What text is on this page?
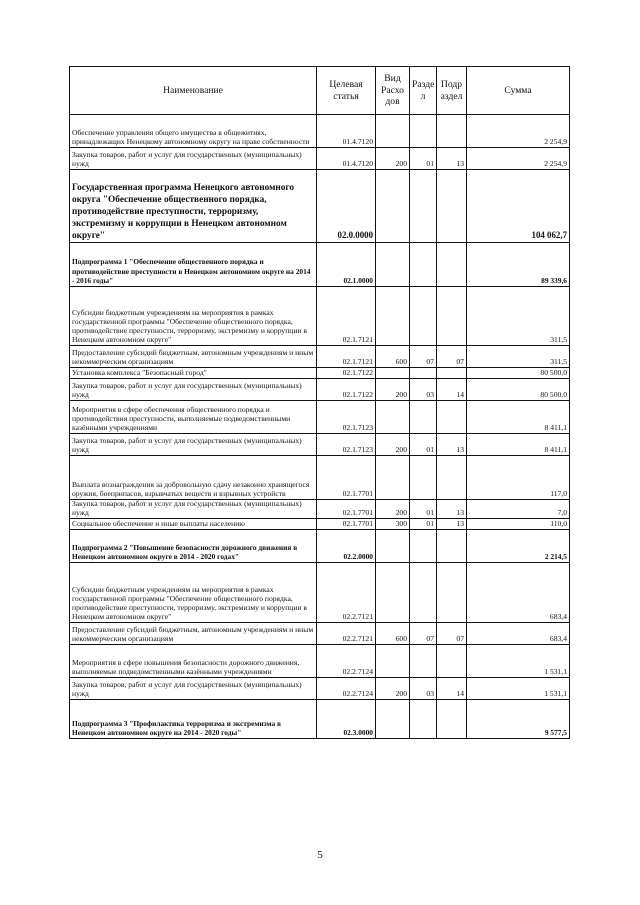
Наименование	Целевая статья	Вид Расхо дов	Разде л	Подр аздел	Сумма
Обеспечение управления общего имущества в общежитиях, принадлежащих Ненецкому автономному округу на праве собственности	01.4.7120				2 254,9
Закупка товаров, работ и услуг для государственных (муниципальных) нужд	01.4.7120	200	01	13	2 254,9
Государственная программа Ненецкого автономного округа "Обеспечение общественного порядка, противодействие преступности, терроризму, экстремизму и коррупции в Ненецком автономном округе"	02.0.0000				104 062,7
Подпрограмма 1 "Обеспечение общественного порядка и противодействие преступности в Ненецком автономном округе на 2014 - 2016 годы"	02.1.0000				89 339,6
Субсидии бюджетным учреждениям на мероприятия в рамках государственной программы "Обеспечение общественного порядка, противодействие преступности, терроризму, экстремизму и коррупции в Ненецком автономном округе"	02.1.7121				311,5
Предоставление субсидий бюджетным, автономным учреждениям и иным некоммерческим организациям	02.1.7121	600	07	07	311,5
Установка комплекса "Безопасный город"	02.1.7122				80 500,0
Закупка товаров, работ и услуг для государственных (муниципальных) нужд	02.1.7122	200	03	14	80 500,0
Мероприятия в сфере обеспечения общественного порядка и противодействия преступности, выполняемые подведомственными казёнными учреждениями	02.1.7123				8 411,1
Закупка товаров, работ и услуг для государственных (муниципальных) нужд	02.1.7123	200	01	13	8 411,1
Выплата вознаграждения за добровольную сдачу незаконно хранящегося оружия, боеприпасов, взрывчатых веществ и взрывных устройств	02.1.7701				117,0
Закупка товаров, работ и услуг для государственных (муниципальных) нужд	02.1.7701	200	01	13	7,0
Социальное обеспечение и иные выплаты населению	02.1.7701	300	01	13	110,0
Подпрограмма 2 "Повышение безопасности дорожного движения в Ненецком автономном округе в 2014 - 2020 годах"	02.2.0000				2 214,5
Субсидии бюджетным учреждениям на мероприятия в рамках государственной программы "Обеспечение общественного порядка, противодействие преступности, терроризму, экстремизму и коррупции в Ненецком автономном округе"	02.2.7121				683,4
Предоставление субсидий бюджетным, автономным учреждениям и иным некоммерческим организациям	02.2.7121	600	07	07	683,4
Мероприятия в сфере повышения безопасности дорожного движения, выполняемые подведомственными казёнными учреждениями	02.2.7124				1 531,1
Закупка товаров, работ и услуг для государственных (муниципальных) нужд	02.2.7124	200	03	14	1 531,1
Подпрограмма 3 "Профилактика терроризма и экстремизма в Ненецком автономном округе на 2014 - 2020 годы"	02.3.0000				9 577,5
5
